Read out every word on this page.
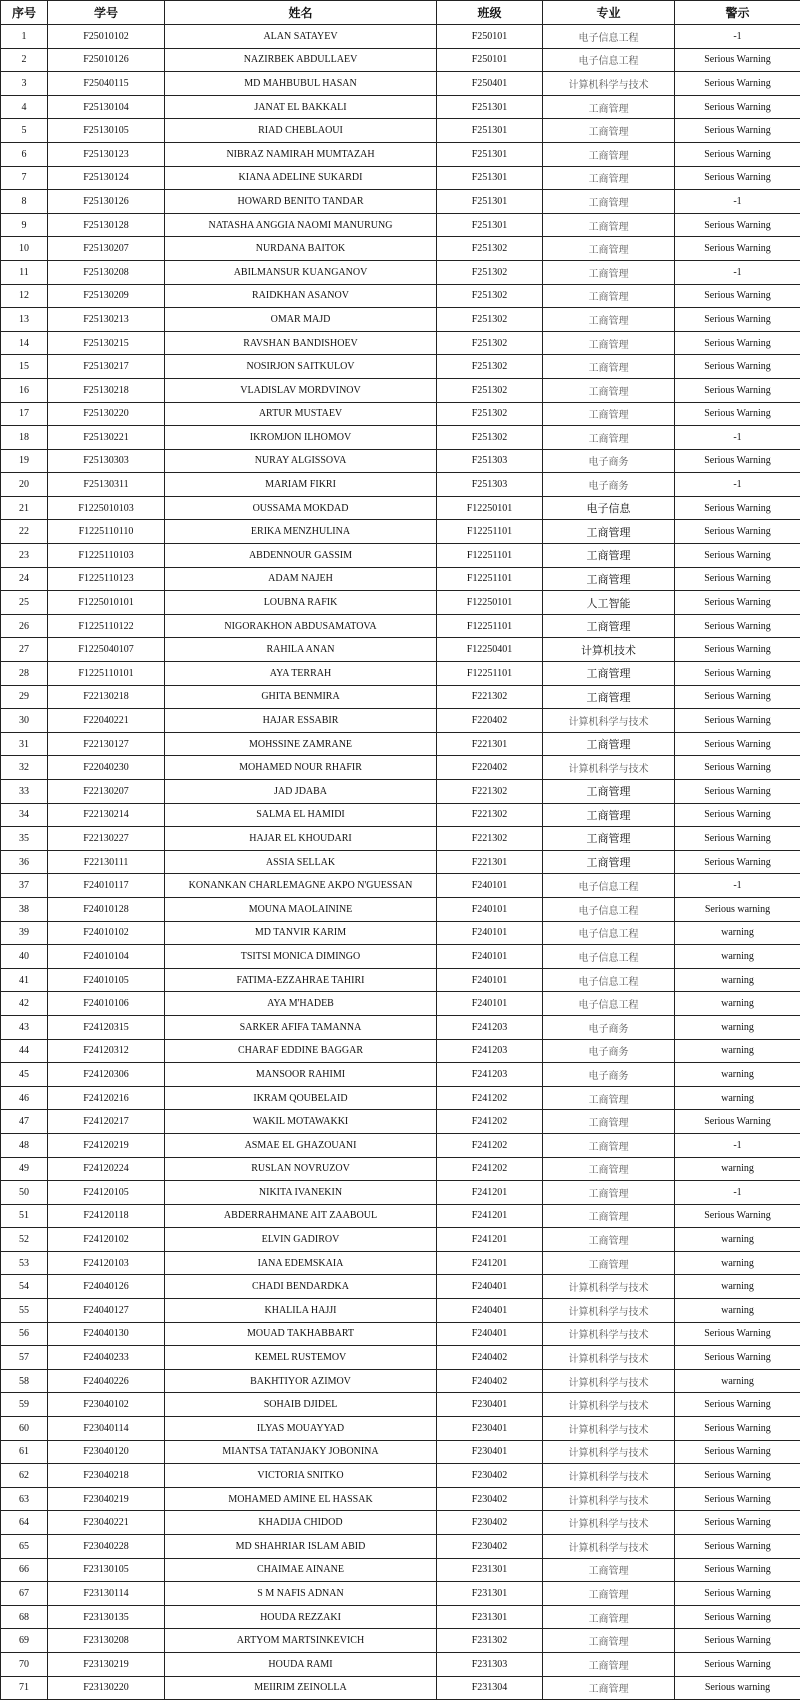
序号	学号	姓名	班级	专业	警示
1	F25010102	ALAN SATAYEV	F250101	电子信息工程	-1
2	F25010126	NAZIRBEK ABDULLAEV	F250101	电子信息工程	Serious Warning
3	F25040115	MD MAHBUBUL HASAN	F250401	计算机科学与技术	Serious Warning
4	F25130104	JANAT EL BAKKALI	F251301	工商管理	Serious Warning
5	F25130105	RIAD CHEBLAOUI	F251301	工商管理	Serious Warning
6	F25130123	NIBRAZ NAMIRAH MUMTAZAH	F251301	工商管理	Serious Warning
7	F25130124	KIANA ADELINE SUKARDI	F251301	工商管理	Serious Warning
8	F25130126	HOWARD BENITO TANDAR	F251301	工商管理	-1
9	F25130128	NATASHA ANGGIA NAOMI MANURUNG	F251301	工商管理	Serious Warning
10	F25130207	NURDANA BAITOK	F251302	工商管理	Serious Warning
11	F25130208	ABILMANSUR KUANGANOV	F251302	工商管理	-1
12	F25130209	RAIDKHAN ASANOV	F251302	工商管理	Serious Warning
13	F25130213	OMAR MAJD	F251302	工商管理	Serious Warning
14	F25130215	RAVSHAN BANDISHOEV	F251302	工商管理	Serious Warning
15	F25130217	NOSIRJON SAITKULOV	F251302	工商管理	Serious Warning
16	F25130218	VLADISLAV MORDVINOV	F251302	工商管理	Serious Warning
17	F25130220	ARTUR MUSTAEV	F251302	工商管理	Serious Warning
18	F25130221	IKROMJON ILHOMOV	F251302	工商管理	-1
19	F25130303	NURAY ALGISSOVA	F251303	电子商务	Serious Warning
20	F25130311	MARIAM FIKRI	F251303	电子商务	-1
21	F1225010103	OUSSAMA MOKDAD	F12250101	电子信息	Serious Warning
22	F1225110110	ERIKA MENZHULINA	F12251101	工商管理	Serious Warning
23	F1225110103	ABDENNOUR GASSIM	F12251101	工商管理	Serious Warning
24	F1225110123	ADAM NAJEH	F12251101	工商管理	Serious Warning
25	F1225010101	LOUBNA RAFIK	F12250101	人工智能	Serious Warning
26	F1225110122	NIGORAKHON ABDUSAMATOVA	F12251101	工商管理	Serious Warning
27	F1225040107	RAHILA ANAN	F12250401	计算机技术	Serious Warning
28	F1225110101	AYA TERRAH	F12251101	工商管理	Serious Warning
29	F22130218	GHITA BENMIRA	F221302	工商管理	Serious Warning
30	F22040221	HAJAR ESSABIR	F220402	计算机科学与技术	Serious Warning
31	F22130127	MOHSSINE ZAMRANE	F221301	工商管理	Serious Warning
32	F22040230	MOHAMED NOUR RHAFIR	F220402	计算机科学与技术	Serious Warning
33	F22130207	JAD JDABA	F221302	工商管理	Serious Warning
34	F22130214	SALMA EL HAMIDI	F221302	工商管理	Serious Warning
35	F22130227	HAJAR EL KHOUDARI	F221302	工商管理	Serious Warning
36	F22130111	ASSIA SELLAK	F221301	工商管理	Serious Warning
37	F24010117	KONANKAN CHARLEMAGNE AKPO N'GUESSAN	F240101	电子信息工程	-1
38	F24010128	MOUNA MAOLAININE	F240101	电子信息工程	Serious warning
39	F24010102	MD TANVIR KARIM	F240101	电子信息工程	warning
40	F24010104	TSITSI MONICA DIMINGO	F240101	电子信息工程	warning
41	F24010105	FATIMA-EZZAHRAE TAHIRI	F240101	电子信息工程	warning
42	F24010106	AYA M'HADEB	F240101	电子信息工程	warning
43	F24120315	SARKER AFIFA TAMANNA	F241203	电子商务	warning
44	F24120312	CHARAF EDDINE BAGGAR	F241203	电子商务	warning
45	F24120306	MANSOOR RAHIMI	F241203	电子商务	warning
46	F24120216	IKRAM QOUBELAID	F241202	工商管理	warning
47	F24120217	WAKIL MOTAWAKKI	F241202	工商管理	Serious Warning
48	F24120219	ASMAE EL GHAZOUANI	F241202	工商管理	-1
49	F24120224	RUSLAN NOVRUZOV	F241202	工商管理	warning
50	F24120105	NIKITA IVANEKIN	F241201	工商管理	-1
51	F24120118	ABDERRAHMANE AIT ZAABOUL	F241201	工商管理	Serious Warning
52	F24120102	ELVIN GADIROV	F241201	工商管理	warning
53	F24120103	IANA EDEMSKAIA	F241201	工商管理	warning
54	F24040126	CHADI BENDARDKA	F240401	计算机科学与技术	warning
55	F24040127	KHALILA HAJJI	F240401	计算机科学与技术	warning
56	F24040130	MOUAD TAKHABBART	F240401	计算机科学与技术	Serious Warning
57	F24040233	KEMEL RUSTEMOV	F240402	计算机科学与技术	Serious Warning
58	F24040226	BAKHTIYOR AZIMOV	F240402	计算机科学与技术	warning
59	F23040102	SOHAIB DJIDEL	F230401	计算机科学与技术	Serious Warning
60	F23040114	ILYAS MOUAYYAD	F230401	计算机科学与技术	Serious Warning
61	F23040120	MIANTSA TATANJAKY JOBONINA	F230401	计算机科学与技术	Serious Warning
62	F23040218	VICTORIA SNITKO	F230402	计算机科学与技术	Serious Warning
63	F23040219	MOHAMED AMINE EL HASSAK	F230402	计算机科学与技术	Serious Warning
64	F23040221	KHADIJA CHIDOD	F230402	计算机科学与技术	Serious Warning
65	F23040228	MD SHAHRIAR ISLAM ABID	F230402	计算机科学与技术	Serious Warning
66	F23130105	CHAIMAE AINANE	F231301	工商管理	Serious Warning
67	F23130114	S M NAFIS ADNAN	F231301	工商管理	Serious Warning
68	F23130135	HOUDA REZZAKI	F231301	工商管理	Serious Warning
69	F23130208	ARTYOM MARTSINKEVICH	F231302	工商管理	Serious Warning
70	F23130219	HOUDA RAMI	F231303	工商管理	Serious Warning
71	F23130220	MEIIRIM ZEINOLLA	F231304	工商管理	Serious warning
